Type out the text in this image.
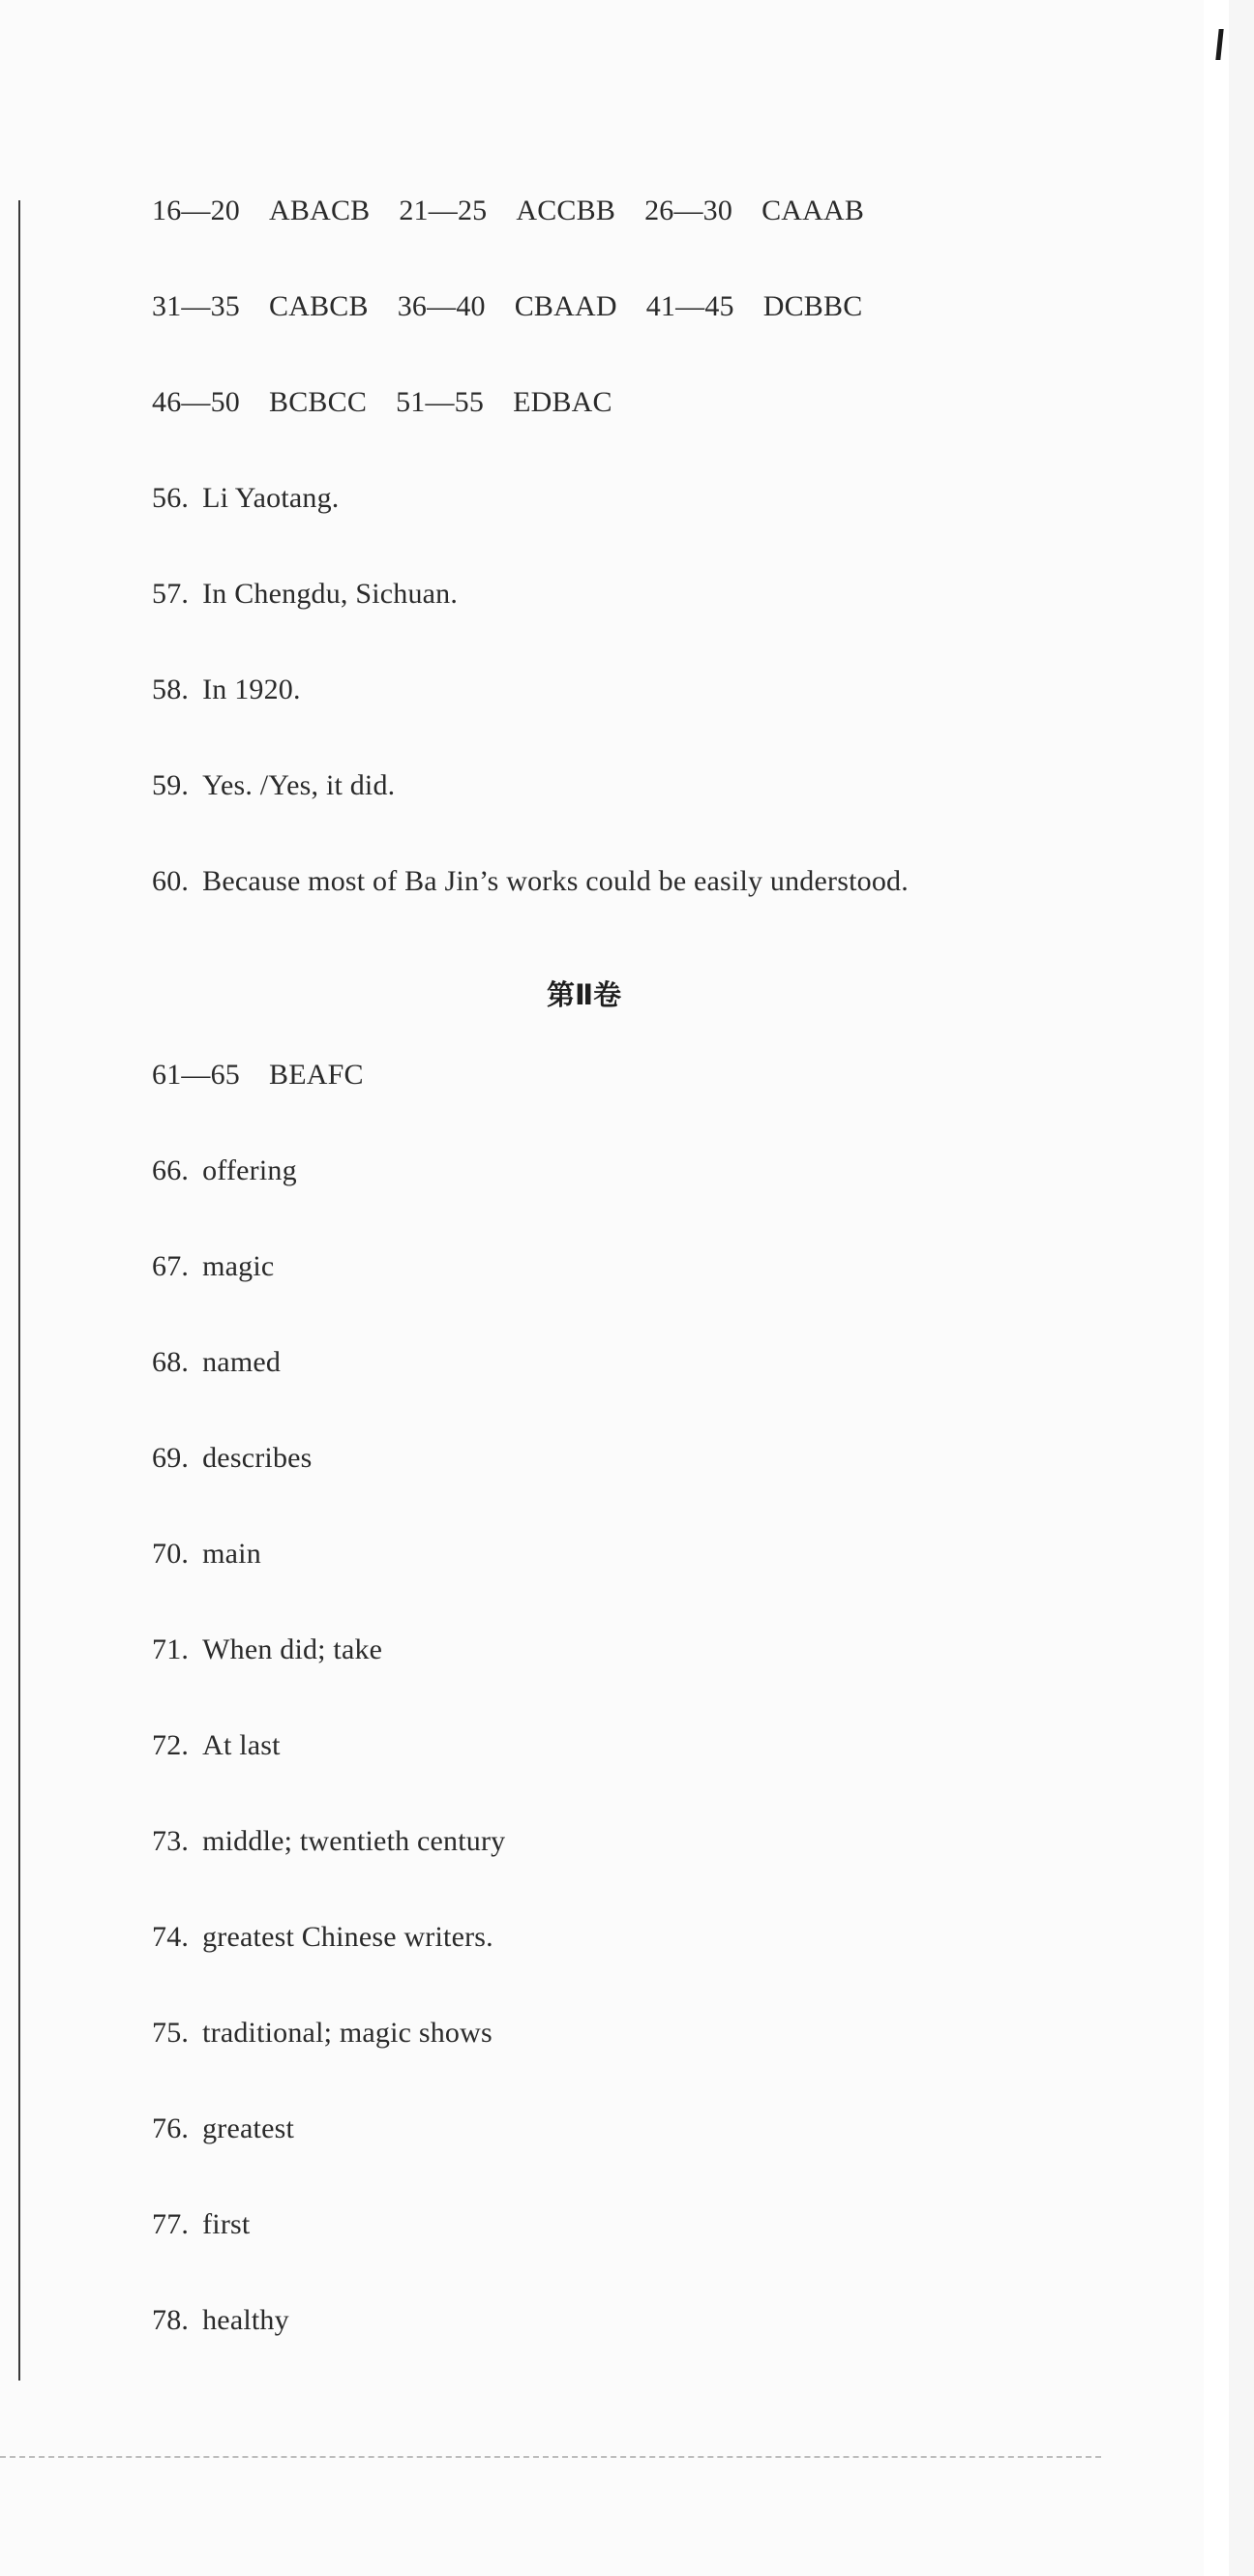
16—20 ABACB 21—25 ACCBB 26—30 CAAAB
31—35 CABCB 36—40 CBAAD 41—45 DCBBC
46—50 BCBCC 51—55 EDBAC
56. Li Yaotang.
57. In Chengdu, Sichuan.
58. In 1920.
59. Yes. /Yes, it did.
60. Because most of Ba Jin’s works could be easily understood.
第Ⅱ卷
61—65 BEAFC
66. offering
67. magic
68. named
69. describes
70. main
71. When did; take
72. At last
73. middle; twentieth century
74. greatest Chinese writers.
75. traditional; magic shows
76. greatest
77. first
78. healthy
